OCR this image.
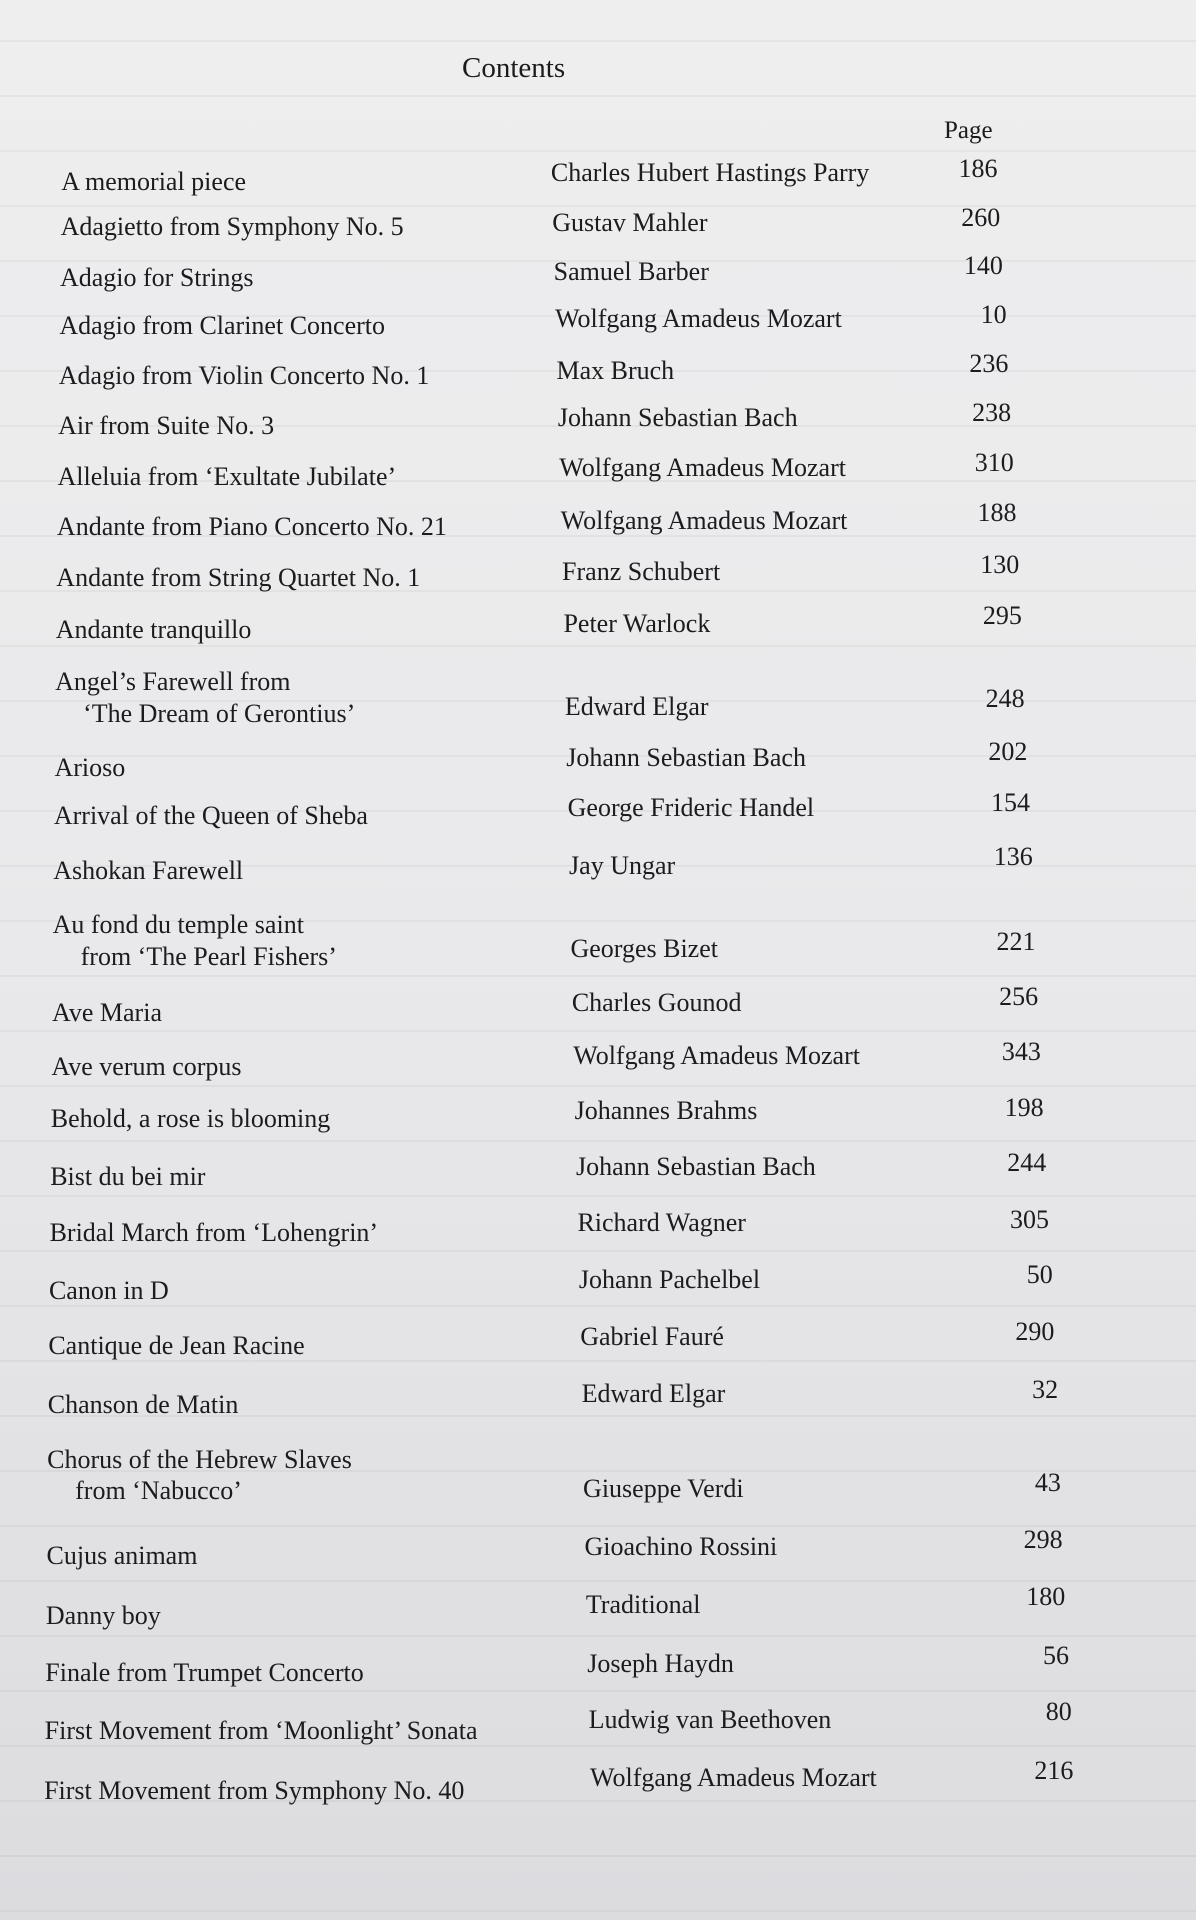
Contents
Page
A memorial piece	Charles Hubert Hastings Parry	186
Adagietto from Symphony No. 5	Gustav Mahler	260
Adagio for Strings	Samuel Barber	140
Adagio from Clarinet Concerto	Wolfgang Amadeus Mozart	10
Adagio from Violin Concerto No. 1	Max Bruch	236
Air from Suite No. 3	Johann Sebastian Bach	238
Alleluia from ‘Exultate Jubilate’	Wolfgang Amadeus Mozart	310
Andante from Piano Concerto No. 21	Wolfgang Amadeus Mozart	188
Andante from String Quartet No. 1	Franz Schubert	130
Andante tranquillo	Peter Warlock	295
Angel’s Farewell from
‘The Dream of Gerontius’	Edward Elgar	248
Arioso	Johann Sebastian Bach	202
Arrival of the Queen of Sheba	George Frideric Handel	154
Ashokan Farewell	Jay Ungar	136
Au fond du temple saint
from ‘The Pearl Fishers’	Georges Bizet	221
Ave Maria	Charles Gounod	256
Ave verum corpus	Wolfgang Amadeus Mozart	343
Behold, a rose is blooming	Johannes Brahms	198
Bist du bei mir	Johann Sebastian Bach	244
Bridal March from ‘Lohengrin’	Richard Wagner	305
Canon in D	Johann Pachelbel	50
Cantique de Jean Racine	Gabriel Fauré	290
Chanson de Matin	Edward Elgar	32
Chorus of the Hebrew Slaves
from ‘Nabucco’	Giuseppe Verdi	43
Cujus animam	Gioachino Rossini	298
Danny boy	Traditional	180
Finale from Trumpet Concerto	Joseph Haydn	56
First Movement from ‘Moonlight’ Sonata	Ludwig van Beethoven	80
First Movement from Symphony No. 40	Wolfgang Amadeus Mozart	216
